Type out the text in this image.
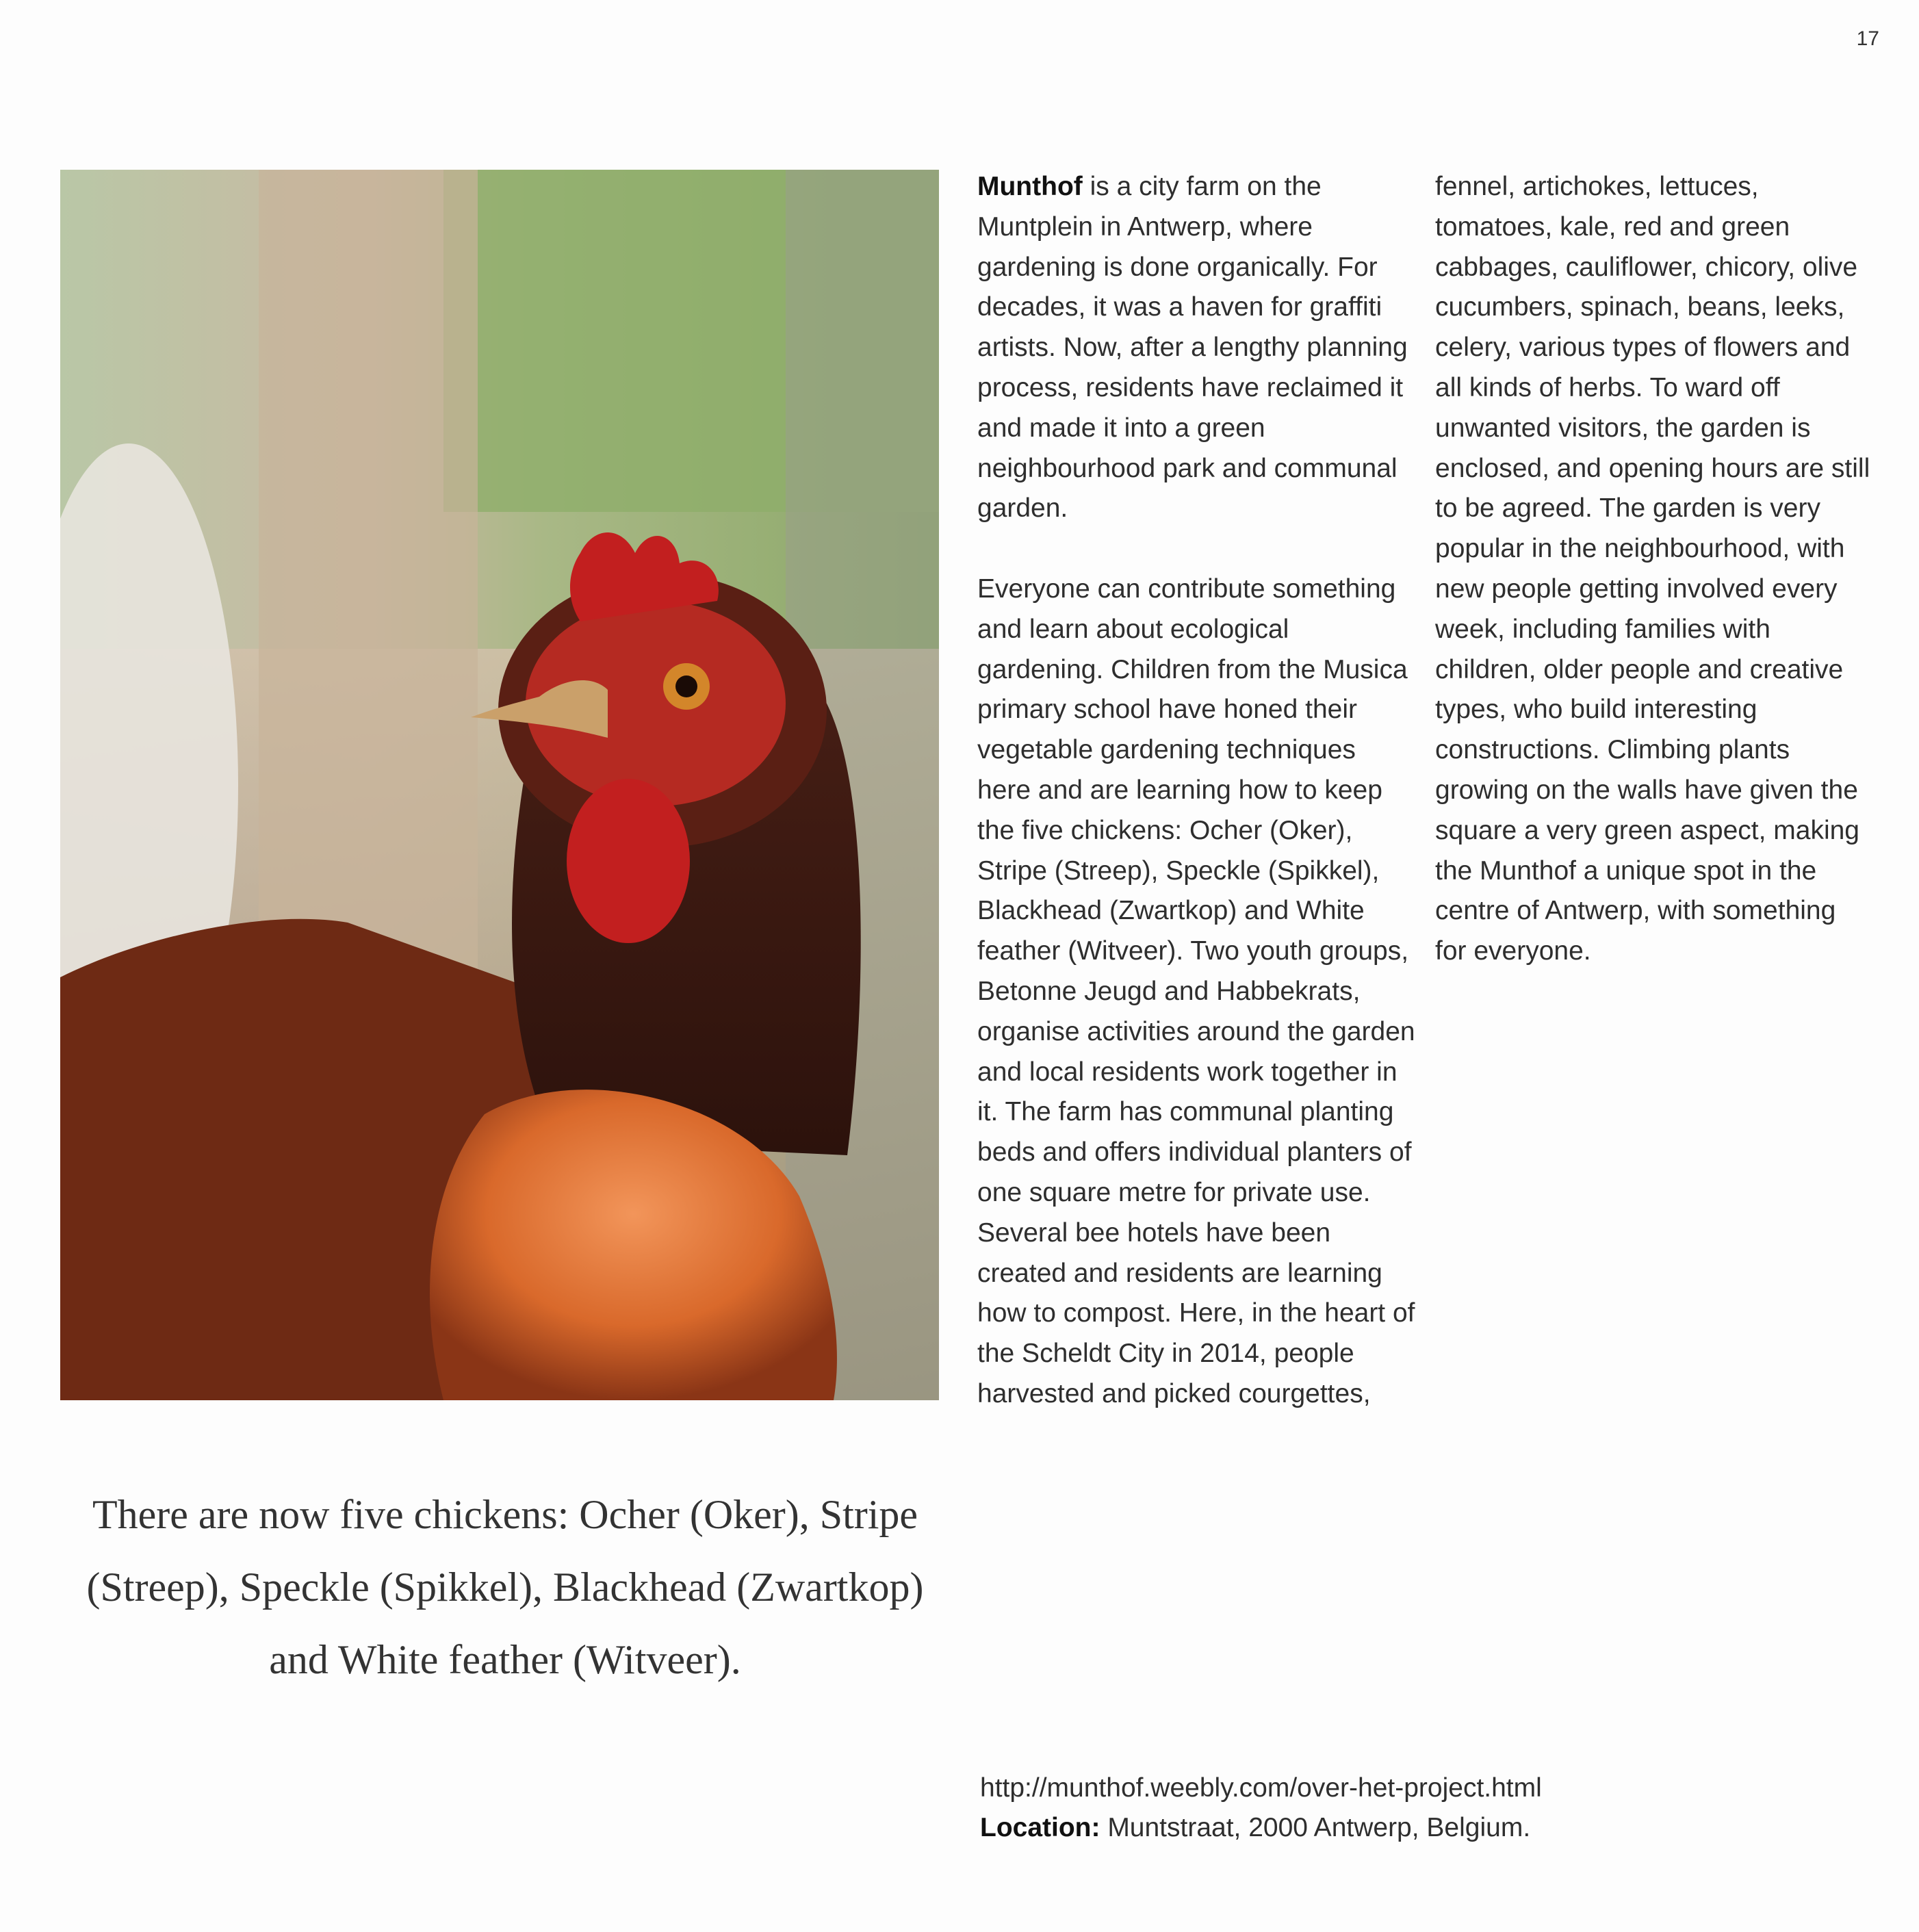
17

Munthof is a city farm on the Muntplein in Antwerp, where gardening is done organically. For decades, it was a haven for graffiti artists. Now, after a lengthy planning process, residents have reclaimed it and made it into a green neighbourhood park and communal garden.

Everyone can contribute something and learn about ecological gardening. Children from the Musica primary school have honed their vegetable gardening techniques here and are learning how to keep the five chickens: Ocher (Oker), Stripe (Streep), Speckle (Spikkel), Blackhead (Zwartkop) and White feather (Witveer). Two youth groups, Betonne Jeugd and Habbekrats, organise activities around the garden and local residents work together in it. The farm has communal planting beds and offers individual planters of one square metre for private use. Several bee hotels have been created and residents are learning how to compost. Here, in the heart of the Scheldt City in 2014, people harvested and picked courgettes,

fennel, artichokes, lettuces, tomatoes, kale, red and green cabbages, cauliflower, chicory, olive cucumbers, spinach, beans, leeks, celery, various types of flowers and all kinds of herbs. To ward off unwanted visitors, the garden is enclosed, and opening hours are still to be agreed. The garden is very popular in the neighbourhood, with new people getting involved every week, including families with children, older people and creative types, who build interesting constructions. Climbing plants growing on the walls have given the square a very green aspect, making the Munthof a unique spot in the centre of Antwerp, with something for everyone.

There are now five chickens: Ocher (Oker), Stripe (Streep), Speckle (Spikkel), Blackhead (Zwartkop) and White feather (Witveer).

http://munthof.weebly.com/over-het-project.html
Location: Muntstraat, 2000 Antwerp, Belgium.
